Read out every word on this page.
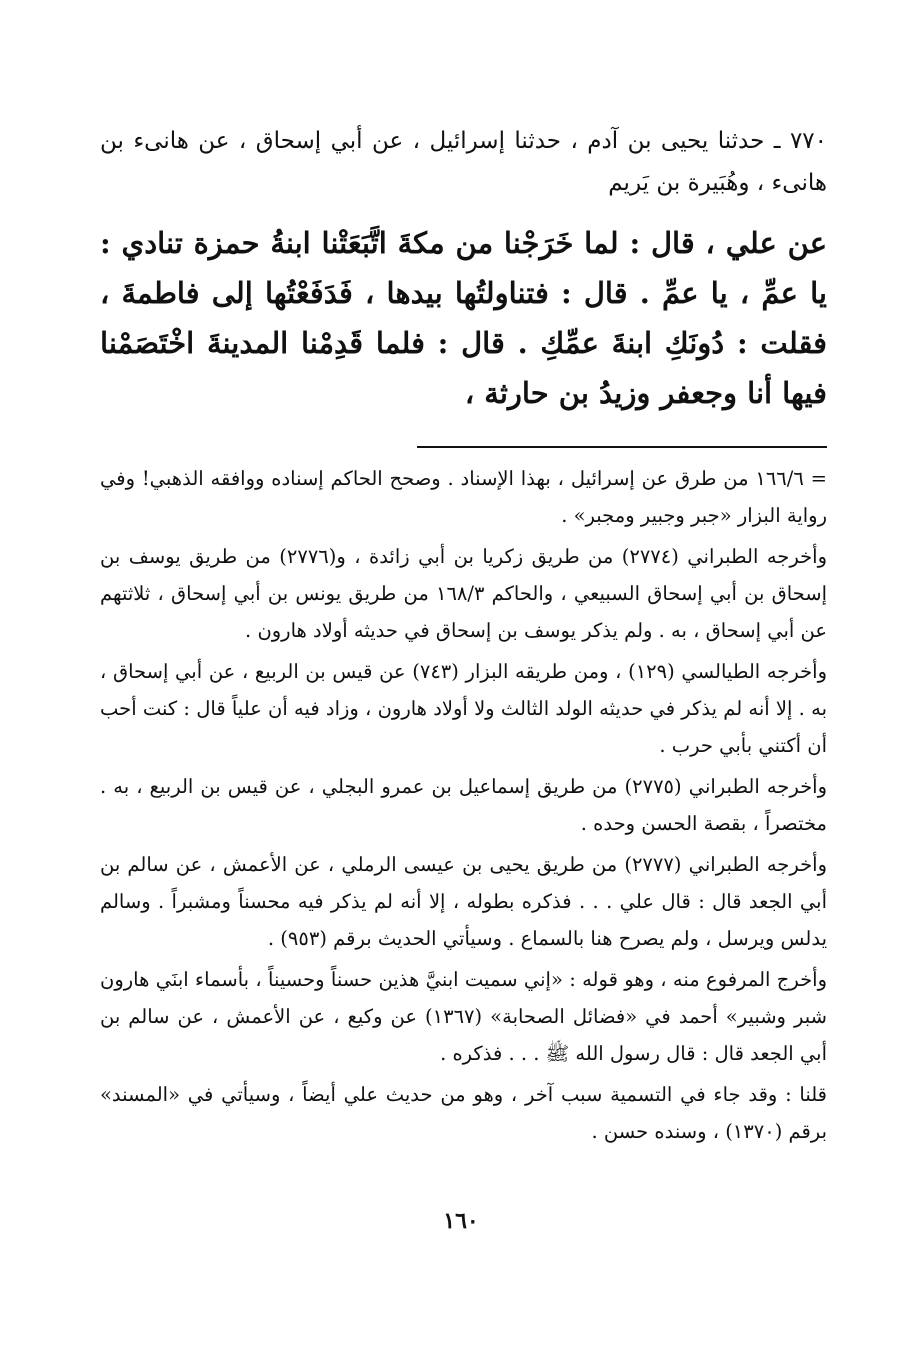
٧٧٠ ـ حدثنا يحيى بن آدم ، حدثنا إسرائيل ، عن أبي إسحاق ، عن هانىء بن هانىء ، وهُبَيرة بن يَريم

عن علي ، قال : لما خَرَجْنا من مكةَ اتَّبَعَتْنا ابنةُ حمزة تنادي : يا عمِّ ، يا عمِّ . قال : فتناولتُها بيدها ، فَدَفَعْتُها إلى فاطمةَ ، فقلت : دُونَكِ ابنةَ عمِّكِ . قال : فلما قَدِمْنا المدينةَ اخْتَصَمْنا فيها أنا وجعفر وزيدُ بن حارثة ،

= ١٦٦/٦ من طرق عن إسرائيل ، بهذا الإسناد . وصحح الحاكم إسناده ووافقه الذهبي! وفي رواية البزار «جبر وجبير ومجبر» .

وأخرجه الطبراني (٢٧٧٤) من طريق زكريا بن أبي زائدة ، و(٢٧٧٦) من طريق يوسف بن إسحاق بن أبي إسحاق السبيعي ، والحاكم ١٦٨/٣ من طريق يونس بن أبي إسحاق ، ثلاثتهم عن أبي إسحاق ، به . ولم يذكر يوسف بن إسحاق في حديثه أولاد هارون .

وأخرجه الطيالسي (١٢٩) ، ومن طريقه البزار (٧٤٣) عن قيس بن الربيع ، عن أبي إسحاق ، به . إلا أنه لم يذكر في حديثه الولد الثالث ولا أولاد هارون ، وزاد فيه أن علياً قال : كنت أحب أن أكتني بأبي حرب .

وأخرجه الطبراني (٢٧٧٥) من طريق إسماعيل بن عمرو البجلي ، عن قيس بن الربيع ، به . مختصراً ، بقصة الحسن وحده .

وأخرجه الطبراني (٢٧٧٧) من طريق يحيى بن عيسى الرملي ، عن الأعمش ، عن سالم بن أبي الجعد قال : قال علي . . . فذكره بطوله ، إلا أنه لم يذكر فيه محسناً ومشبراً . وسالم يدلس ويرسل ، ولم يصرح هنا بالسماع . وسيأتي الحديث برقم (٩٥٣) .

وأخرج المرفوع منه ، وهو قوله : «إني سميت ابنيَّ هذين حسناً وحسيناً ، بأسماء ابنَي هارون شبر وشبير» أحمد في «فضائل الصحابة» (١٣٦٧) عن وكيع ، عن الأعمش ، عن سالم بن أبي الجعد قال : قال رسول الله ﷺ . . . فذكره .

قلنا : وقد جاء في التسمية سبب آخر ، وهو من حديث علي أيضاً ، وسيأتي في «المسند» برقم (١٣٧٠) ، وسنده حسن .

١٦٠
